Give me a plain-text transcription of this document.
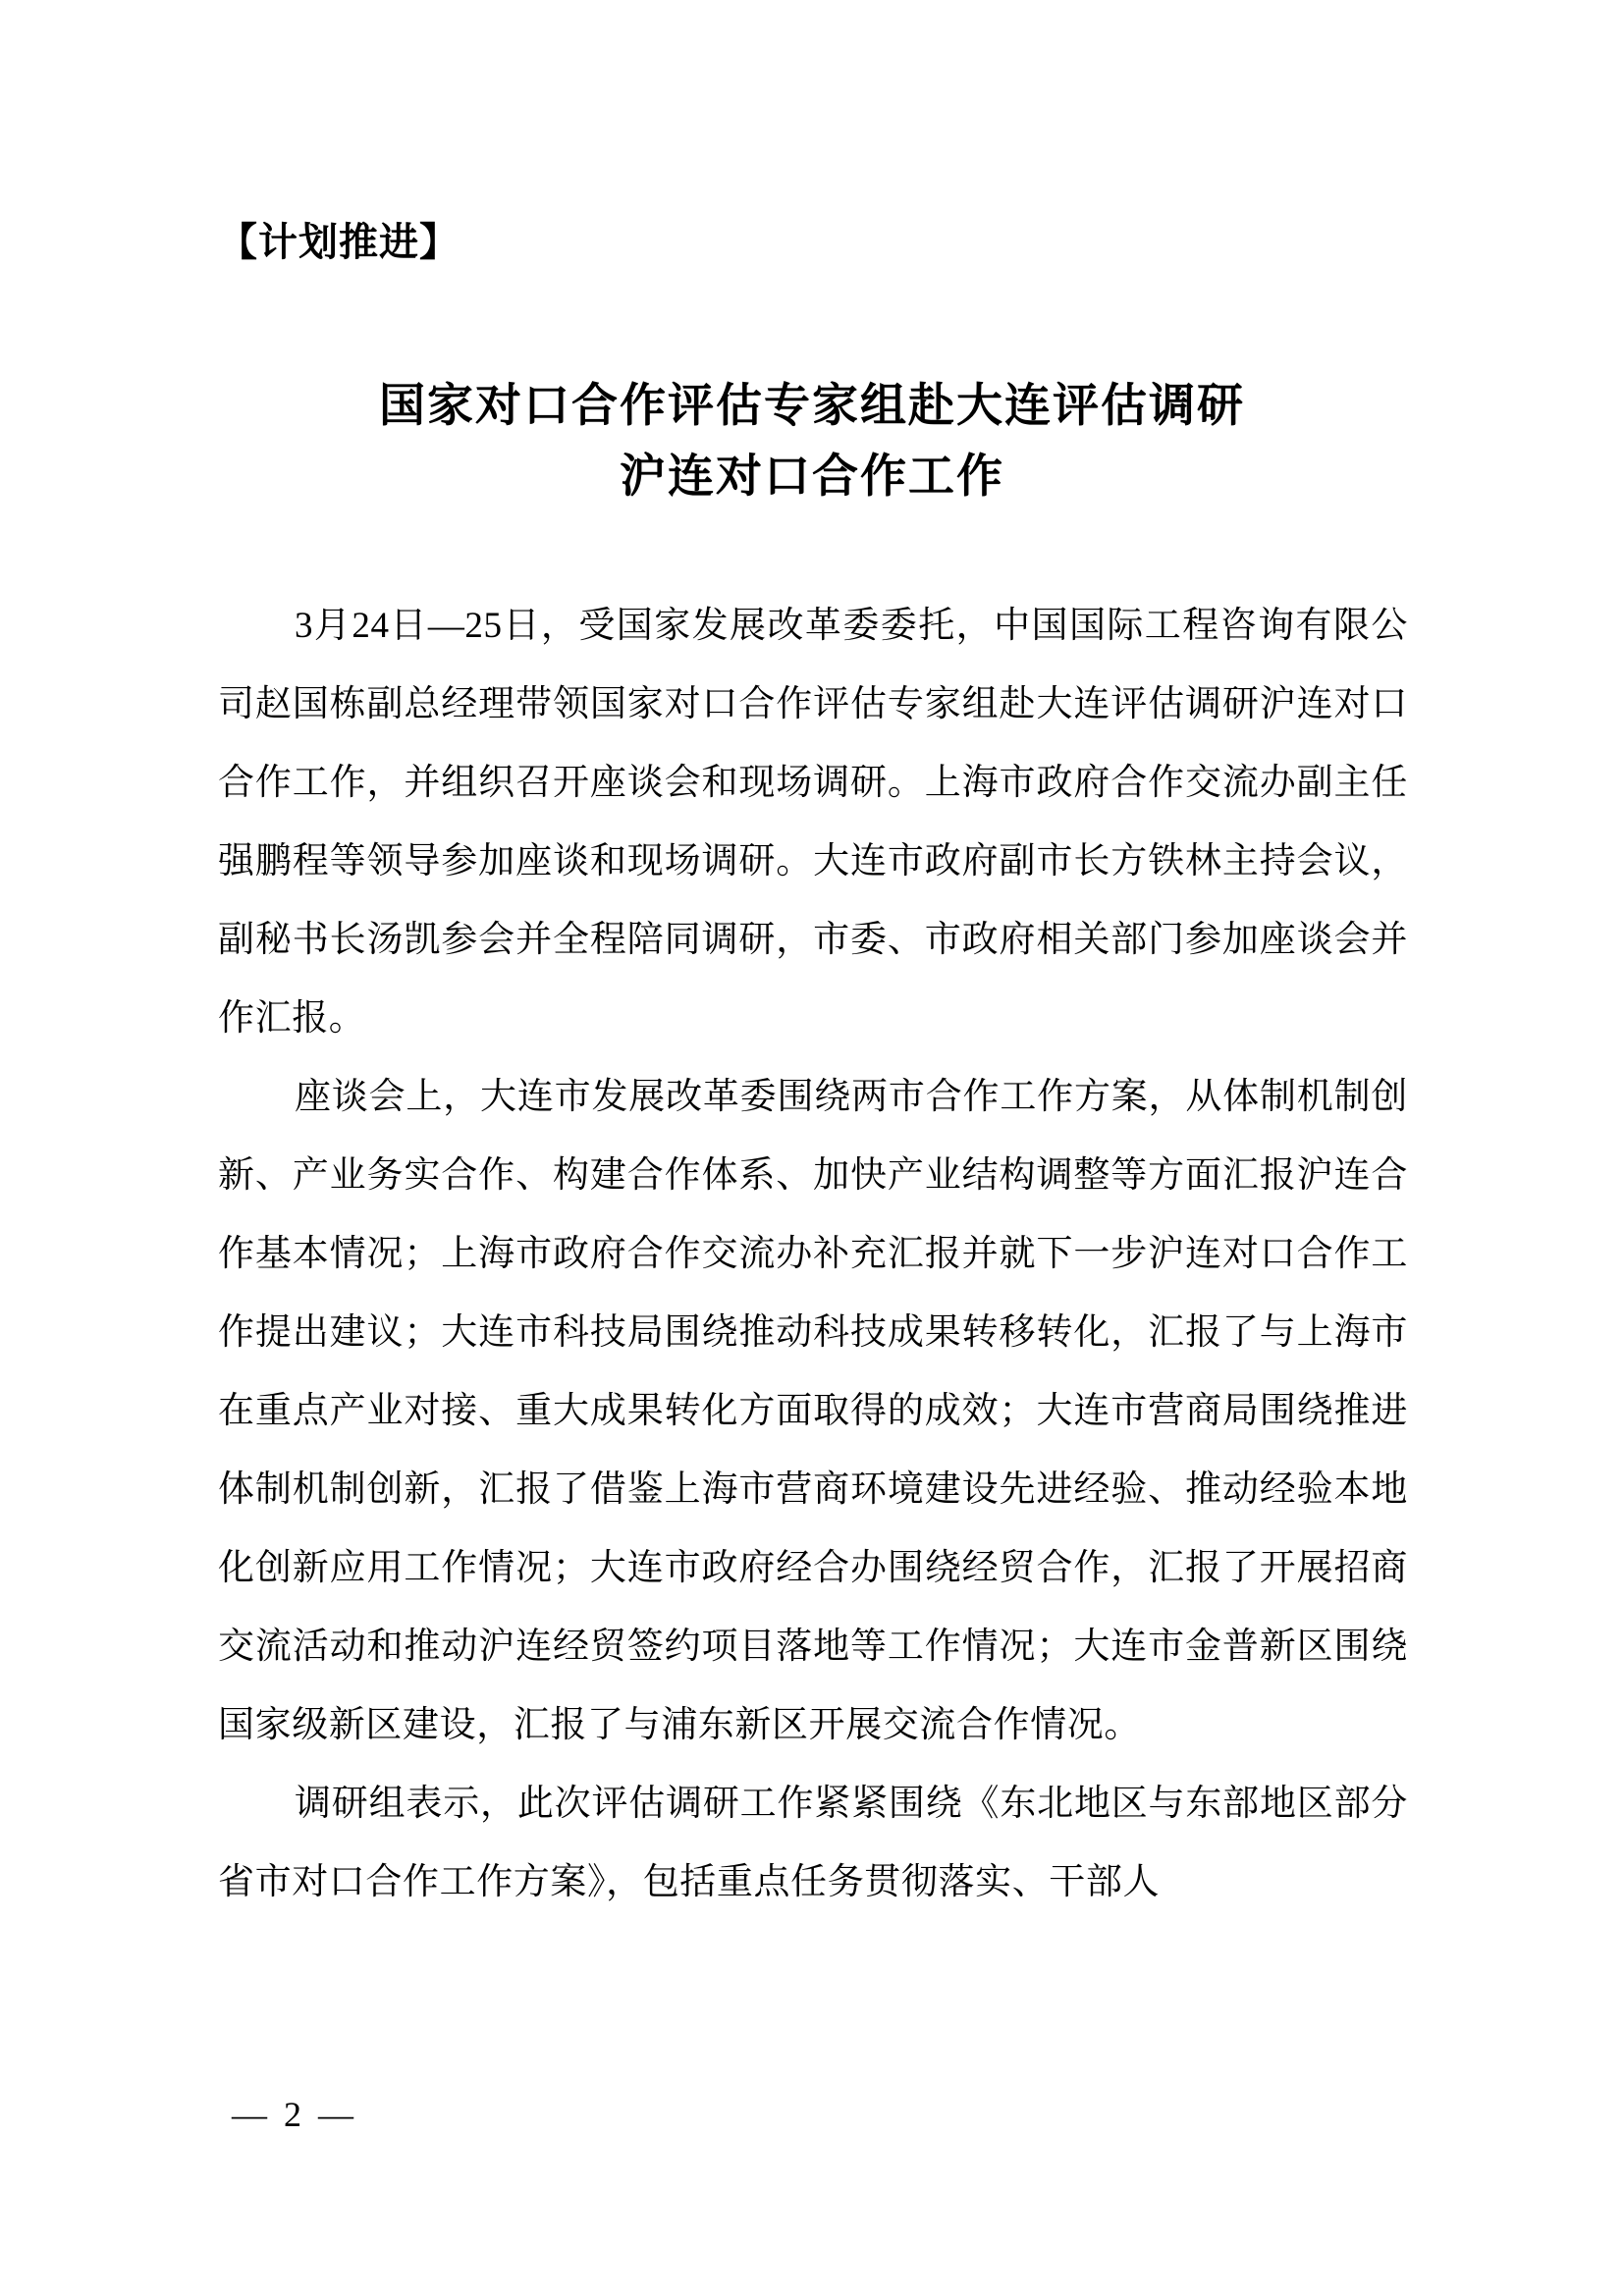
【计划推进】
国家对口合作评估专家组赴大连评估调研
沪连对口合作工作

3月24日—25日，受国家发展改革委委托，中国国际工程咨询有限公司赵国栋副总经理带领国家对口合作评估专家组赴大连评估调研沪连对口合作工作，并组织召开座谈会和现场调研。上海市政府合作交流办副主任强鹏程等领导参加座谈和现场调研。大连市政府副市长方铁林主持会议，副秘书长汤凯参会并全程陪同调研，市委、市政府相关部门参加座谈会并作汇报。

座谈会上，大连市发展改革委围绕两市合作工作方案，从体制机制创新、产业务实合作、构建合作体系、加快产业结构调整等方面汇报沪连合作基本情况；上海市政府合作交流办补充汇报并就下一步沪连对口合作工作提出建议；大连市科技局围绕推动科技成果转移转化，汇报了与上海市在重点产业对接、重大成果转化方面取得的成效；大连市营商局围绕推进体制机制创新，汇报了借鉴上海市营商环境建设先进经验、推动经验本地化创新应用工作情况；大连市政府经合办围绕经贸合作，汇报了开展招商交流活动和推动沪连经贸签约项目落地等工作情况；大连市金普新区围绕国家级新区建设，汇报了与浦东新区开展交流合作情况。

调研组表示，此次评估调研工作紧紧围绕《东北地区与东部地区部分省市对口合作工作方案》，包括重点任务贯彻落实、干部人

— 2 —
